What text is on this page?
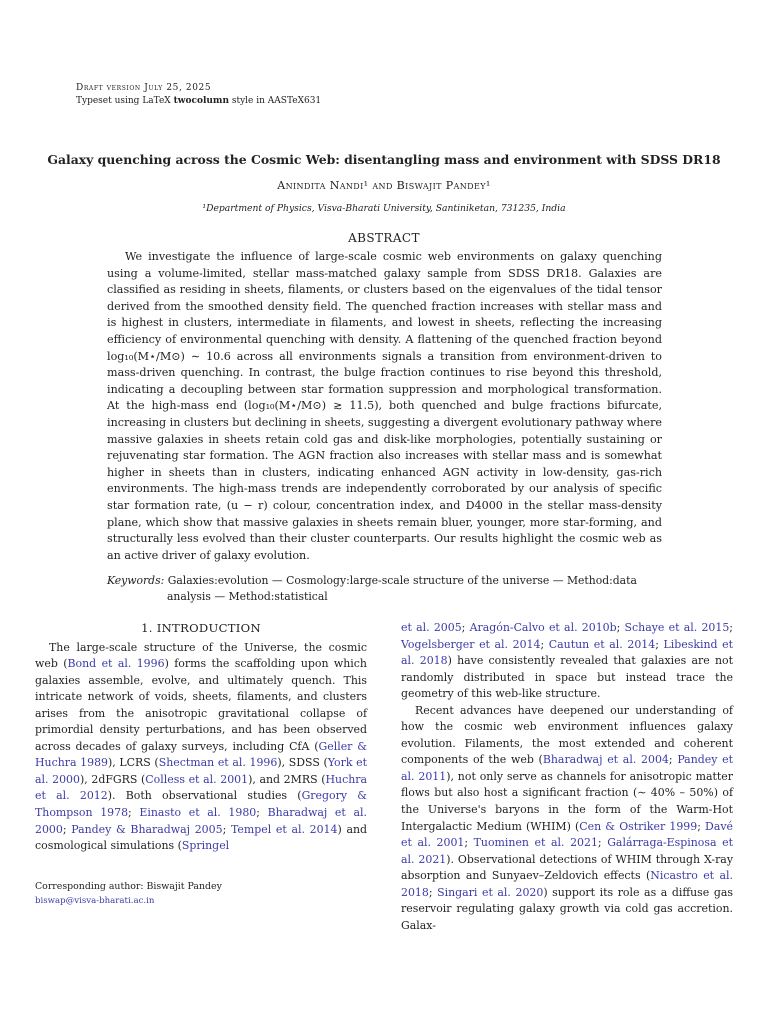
Draft version July 25, 2025
Typeset using LaTeX twocolumn style in AASTeX631
Galaxy quenching across the Cosmic Web: disentangling mass and environment with SDSS DR18
Anindita Nandi¹ and Biswajit Pandey¹
¹Department of Physics, Visva-Bharati University, Santiniketan, 731235, India
ABSTRACT

We investigate the influence of large-scale cosmic web environments on galaxy quenching using a volume-limited, stellar mass-matched galaxy sample from SDSS DR18. Galaxies are classified as residing in sheets, filaments, or clusters based on the eigenvalues of the tidal tensor derived from the smoothed density field. The quenched fraction increases with stellar mass and is highest in clusters, intermediate in filaments, and lowest in sheets, reflecting the increasing efficiency of environmental quenching with density. A flattening of the quenched fraction beyond log₁₀(M⋆/M⊙) ∼ 10.6 across all environments signals a transition from environment-driven to mass-driven quenching. In contrast, the bulge fraction continues to rise beyond this threshold, indicating a decoupling between star formation suppression and morphological transformation. At the high-mass end (log₁₀(M⋆/M⊙) ≳ 11.5), both quenched and bulge fractions bifurcate, increasing in clusters but declining in sheets, suggesting a divergent evolutionary pathway where massive galaxies in sheets retain cold gas and disk-like morphologies, potentially sustaining or rejuvenating star formation. The AGN fraction also increases with stellar mass and is somewhat higher in sheets than in clusters, indicating enhanced AGN activity in low-density, gas-rich environments. The high-mass trends are independently corroborated by our analysis of specific star formation rate, (u − r) colour, concentration index, and D4000 in the stellar mass-density plane, which show that massive galaxies in sheets remain bluer, younger, more star-forming, and structurally less evolved than their cluster counterparts. Our results highlight the cosmic web as an active driver of galaxy evolution.

Keywords: Galaxies:evolution — Cosmology:large-scale structure of the universe — Method:data analysis — Method:statistical
1. INTRODUCTION

The large-scale structure of the Universe, the cosmic web (Bond et al. 1996) forms the scaffolding upon which galaxies assemble, evolve, and ultimately quench. This intricate network of voids, sheets, filaments, and clusters arises from the anisotropic gravitational collapse of primordial density perturbations, and has been observed across decades of galaxy surveys, including CfA (Geller & Huchra 1989), LCRS (Shectman et al. 1996), SDSS (York et al. 2000), 2dFGRS (Colless et al. 2001), and 2MRS (Huchra et al. 2012). Both observational studies (Gregory & Thompson 1978; Einasto et al. 1980; Bharadwaj et al. 2000; Pandey & Bharadwaj 2005; Tempel et al. 2014) and cosmological simulations (Springel

et al. 2005; Aragón-Calvo et al. 2010b; Schaye et al. 2015; Vogelsberger et al. 2014; Cautun et al. 2014; Libeskind et al. 2018) have consistently revealed that galaxies are not randomly distributed in space but instead trace the geometry of this web-like structure.

Recent advances have deepened our understanding of how the cosmic web environment influences galaxy evolution. Filaments, the most extended and coherent components of the web (Bharadwaj et al. 2004; Pandey et al. 2011), not only serve as channels for anisotropic matter flows but also host a significant fraction (∼ 40% – 50%) of the Universe's baryons in the form of the Warm-Hot Intergalactic Medium (WHIM) (Cen & Ostriker 1999; Davé et al. 2001; Tuominen et al. 2021; Galárraga-Espinosa et al. 2021). Observational detections of WHIM through X-ray absorption and Sunyaev–Zeldovich effects (Nicastro et al. 2018; Singari et al. 2020) support its role as a diffuse gas reservoir regulating galaxy growth via cold gas accretion. Galax-

Corresponding author: Biswajit Pandey
biswap@visva-bharati.ac.in
